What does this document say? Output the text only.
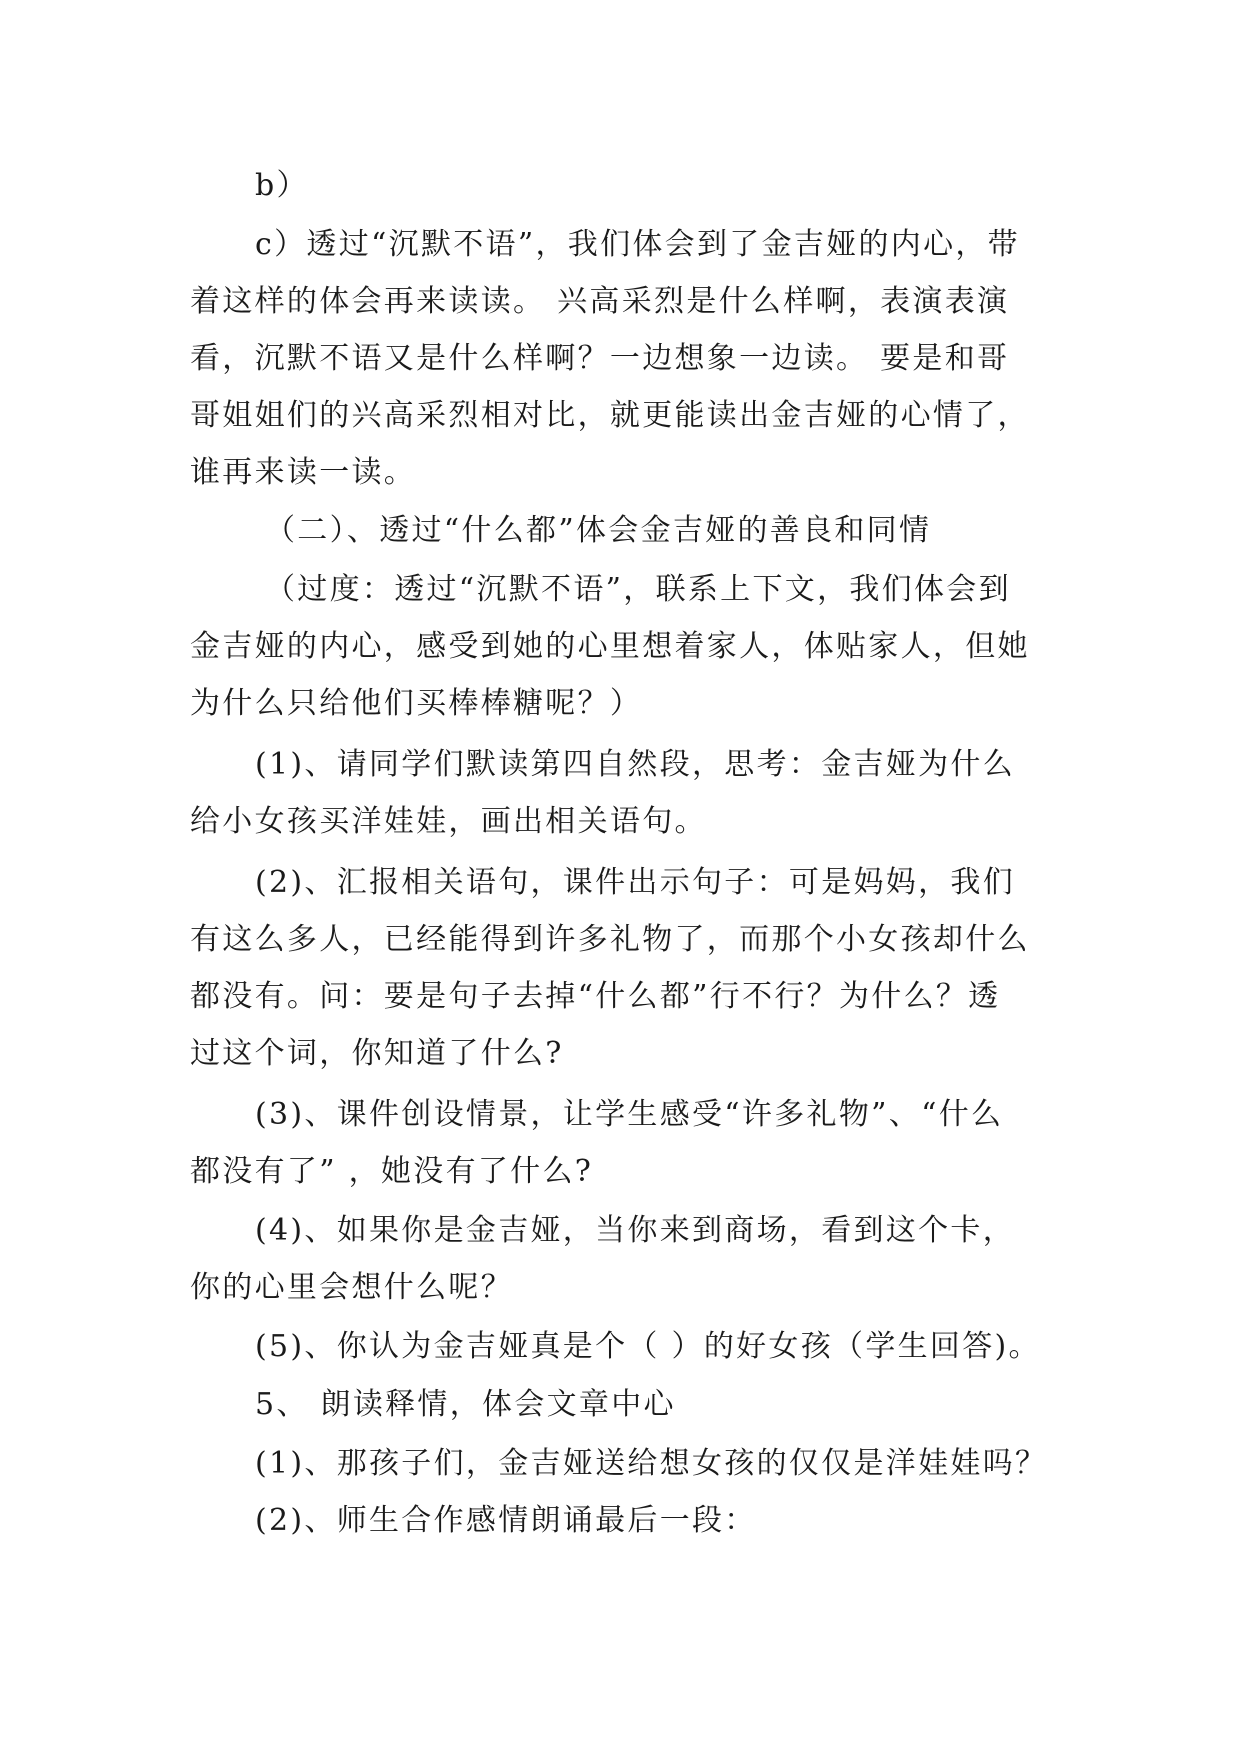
b）
c）透过“沉默不语”，我们体会到了金吉娅的内心，带
着这样的体会再来读读。 兴高采烈是什么样啊，表演表演
看，沉默不语又是什么样啊？一边想象一边读。 要是和哥
哥姐姐们的兴高采烈相对比，就更能读出金吉娅的心情了，
谁再来读一读。
（二）、透过“什么都”体会金吉娅的善良和同情
（过度：透过“沉默不语”，联系上下文，我们体会到
金吉娅的内心，感受到她的心里想着家人，体贴家人，但她
为什么只给他们买棒棒糖呢？）
(1)、请同学们默读第四自然段，思考：金吉娅为什么
给小女孩买洋娃娃，画出相关语句。
(2)、汇报相关语句，课件出示句子：可是妈妈，我们
有这么多人，已经能得到许多礼物了，而那个小女孩却什么
都没有。问：要是句子去掉“什么都”行不行？为什么？透
过这个词，你知道了什么?
(3)、课件创设情景，让学生感受“许多礼物”、“什么
都没有了” ，她没有了什么?
(4)、如果你是金吉娅，当你来到商场，看到这个卡，
你的心里会想什么呢？
(5)、你认为金吉娅真是个（ ）的好女孩（学生回答)。
5、 朗读释情，体会文章中心
(1)、那孩子们，金吉娅送给想女孩的仅仅是洋娃娃吗？
(2)、师生合作感情朗诵最后一段：
